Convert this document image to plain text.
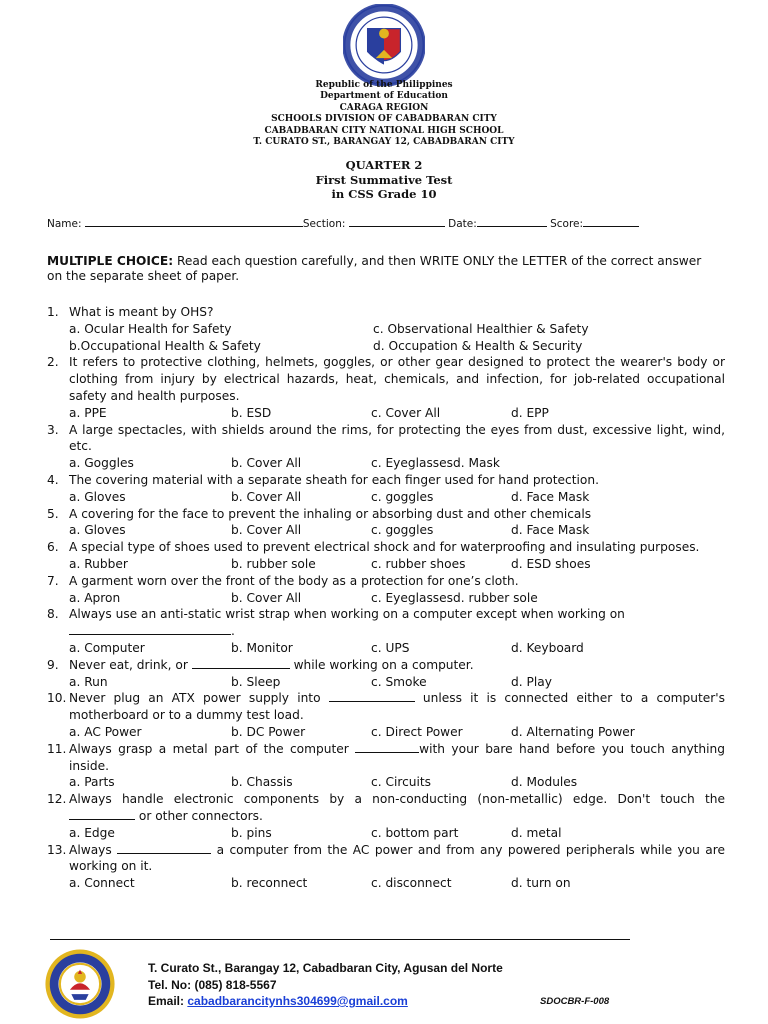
Republic of the Philippines
Department of Education
CARAGA REGION
SCHOOLS DIVISION OF CABADBARAN CITY
CABADBARAN CITY NATIONAL HIGH SCHOOL
T. CURATO ST., BARANGAY 12, CABADBARAN CITY
QUARTER 2
First Summative Test
in CSS Grade 10
Name:	Section:	Date:	Score:
MULTIPLE CHOICE: Read each question carefully, and then WRITE ONLY the LETTER of the correct answer on the separate sheet of paper.
1. What is meant by OHS?
a. Ocular Health for Safety	c. Observational Healthier & Safety
b.Occupational Health & Safety	d. Occupation & Health & Security
2. It refers to protective clothing, helmets, goggles, or other gear designed to protect the wearer's body or clothing from injury by electrical hazards, heat, chemicals, and infection, for job-related occupational safety and health purposes.
a. PPE	b. ESD	c. Cover All	d. EPP
3. A large spectacles, with shields around the rims, for protecting the eyes from dust, excessive light, wind, etc.
a. Goggles	b. Cover All	c. Eyeglasses d. Mask
4. The covering material with a separate sheath for each finger used for hand protection.
a. Gloves	b. Cover All	c. goggles	d. Face Mask
5. A covering for the face to prevent the inhaling or absorbing dust and other chemicals
a. Gloves	b. Cover All	c. goggles	d. Face Mask
6. A special type of shoes used to prevent electrical shock and for waterproofing and insulating purposes.
a. Rubber	b. rubber sole	c. rubber shoes	d. ESD shoes
7. A garment worn over the front of the body as a protection for one’s cloth.
a. Apron	b. Cover All	c. Eyeglasses d. rubber sole
8. Always use an anti-static wrist strap when working on a computer except when working on
.
a. Computer	b. Monitor	c. UPS	d. Keyboard
9. Never eat, drink, or	while working on a computer.
a. Run	b. Sleep	c. Smoke	d. Play
10. Never plug an ATX power supply into	unless it is connected either to a computer's motherboard or to a dummy test load.
a. AC Power	b. DC Power	c. Direct Power	d. Alternating Power
11. Always grasp a metal part of the computer	with your bare hand before you touch anything inside.
a. Parts	b. Chassis	c. Circuits	d. Modules
12. Always handle electronic components by a non-conducting (non-metallic) edge. Don't touch the  or other connectors.
a. Edge	b. pins	c. bottom part	d. metal
13. Always	a computer from the AC power and from any powered peripherals while you are working on it.
a. Connect	b. reconnect	c. disconnect	d. turn on
T. Curato St., Barangay 12, Cabadbaran City, Agusan del Norte
Tel. No: (085) 818-5567
Email: cabadbarancitynhs304699@gmail.com	SDOCBR-F-008
